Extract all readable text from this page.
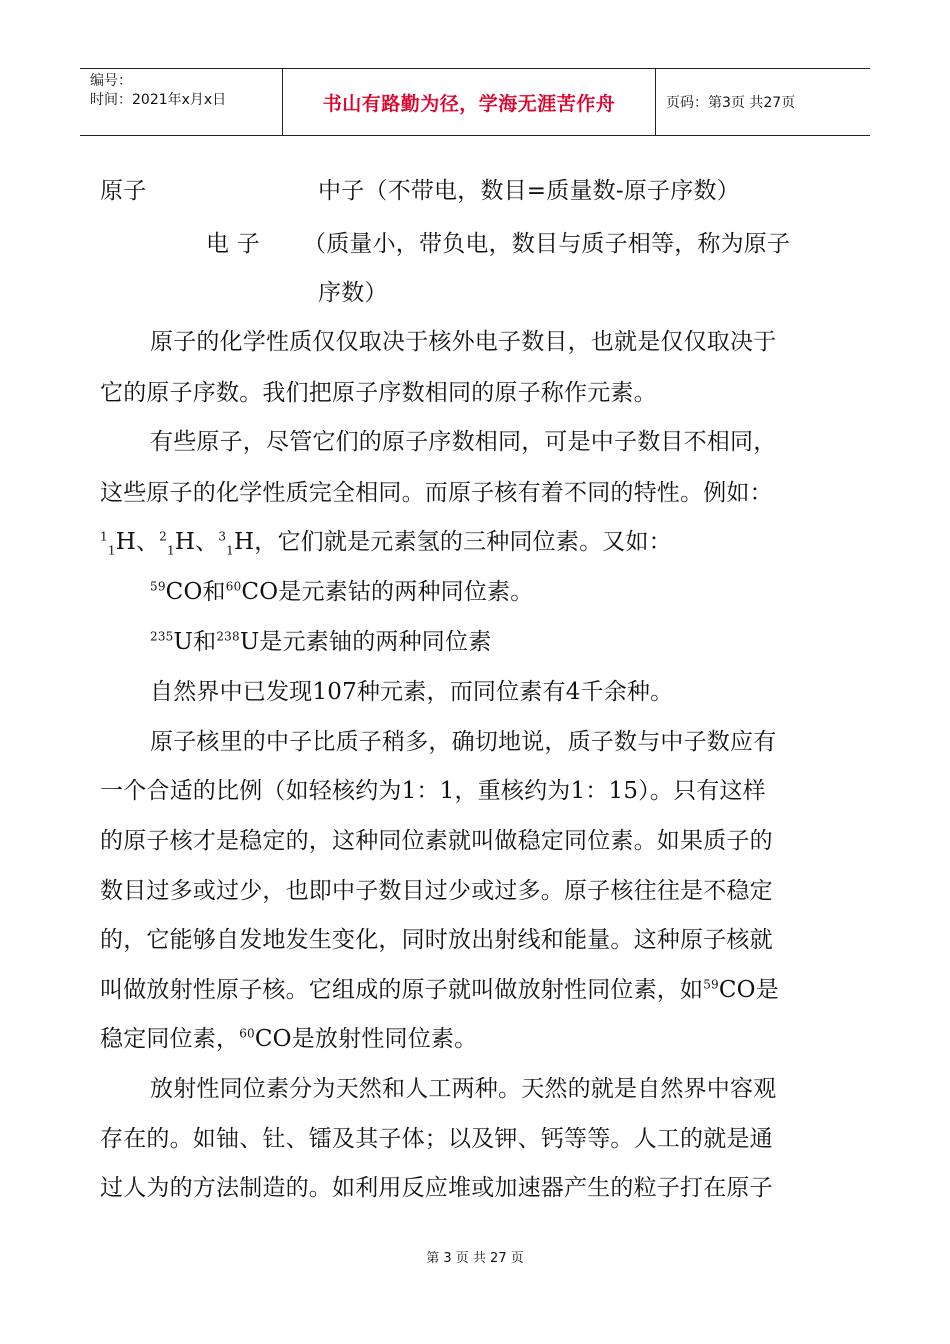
编号：
时间：2021年x月x日	书山有路勤为径，学海无涯苦作舟	页码：第3页 共27页
原子	中子（不带电，数目=质量数-原子序数）
电 子 （质量小，带负电，数目与质子相等，称为原子
序数）
原子的化学性质仅仅取决于核外电子数目，也就是仅仅取决于
它的原子序数。我们把原子序数相同的原子称作元素。
有些原子，尽管它们的原子序数相同，可是中子数目不相同，
这些原子的化学性质完全相同。而原子核有着不同的特性。例如：
$^1_1$H、$^2_1$H、$^3_1$H，它们就是元素氢的三种同位素。又如：
$^{59}$CO和$^{60}$CO是元素钴的两种同位素。
$^{235}$U和$^{238}$U是元素铀的两种同位素
自然界中已发现107种元素，而同位素有4千余种。
原子核里的中子比质子稍多，确切地说，质子数与中子数应有
一个合适的比例（如轻核约为1：1，重核约为1：15）。只有这样
的原子核才是稳定的，这种同位素就叫做稳定同位素。如果质子的
数目过多或过少，也即中子数目过少或过多。原子核往往是不稳定
的，它能够自发地发生变化，同时放出射线和能量。这种原子核就
叫做放射性原子核。它组成的原子就叫做放射性同位素，如$^{59}$CO是
稳定同位素，$^{60}$CO是放射性同位素。
放射性同位素分为天然和人工两种。天然的就是自然界中容观
存在的。如铀、钍、镭及其子体；以及钾、钙等等。人工的就是通
过人为的方法制造的。如利用反应堆或加速器产生的粒子打在原子
第 3 页 共 27 页
